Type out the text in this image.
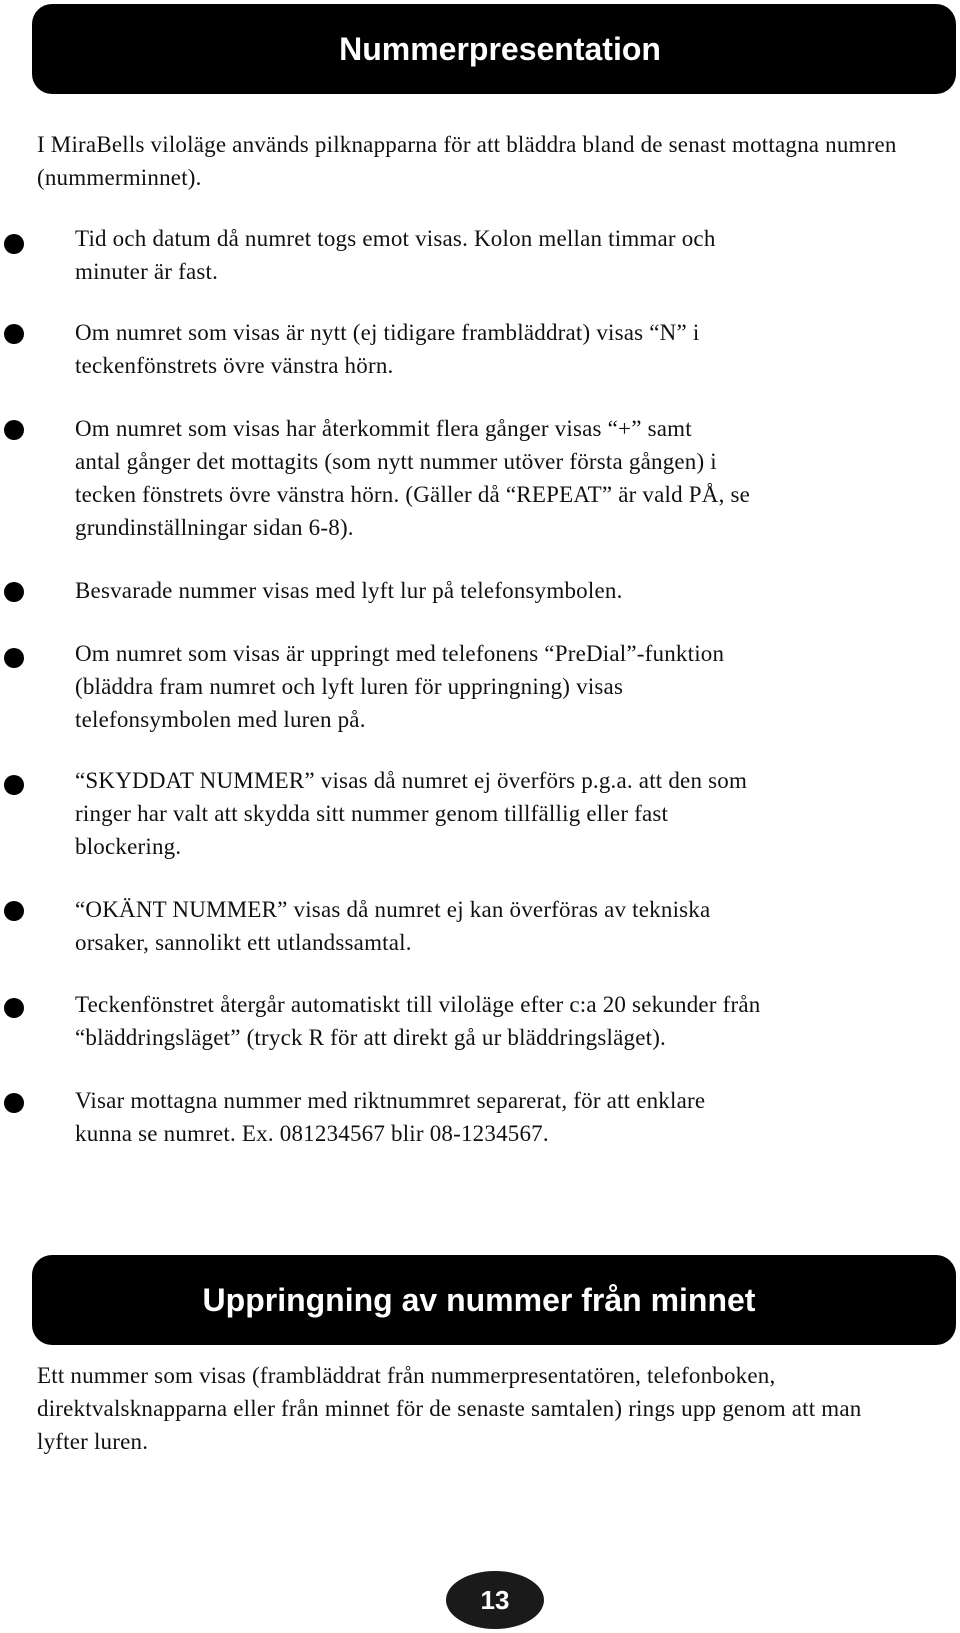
Nummerpresentation
I MiraBells viloläge används pilknapparna för att bläddra bland de senast mottagna numren (nummerminnet).
Tid och datum då numret togs emot visas. Kolon mellan timmar och
minuter är fast.
Om numret som visas är nytt (ej tidigare frambläddrat) visas “N” i
teckenfönstrets övre vänstra hörn.
Om numret som visas har återkommit flera gånger visas “+” samt
antal gånger det mottagits (som nytt nummer utöver första gången) i
tecken fönstrets övre vänstra hörn. (Gäller då “REPEAT” är vald PÅ, se
grundinställningar sidan 6-8).
Besvarade nummer visas med lyft lur på telefonsymbolen.
Om numret som visas är uppringt med telefonens “PreDial”-funktion
(bläddra fram numret och lyft luren för uppringning) visas
telefonsymbolen med luren på.
“SKYDDAT NUMMER” visas då numret ej överförs p.g.a. att den som
ringer har valt att skydda sitt nummer genom tillfällig eller fast
blockering.
“OKÄNT NUMMER” visas då numret ej kan överföras av tekniska
orsaker, sannolikt ett utlandssamtal.
Teckenfönstret återgår automatiskt till viloläge efter c:a 20 sekunder från
“bläddringsläget” (tryck R för att direkt gå ur bläddringsläget).
Visar mottagna nummer med riktnummret separerat, för att enklare
kunna se numret. Ex. 081234567 blir 08-1234567.
Uppringning av nummer från minnet
Ett nummer som visas (frambläddrat från nummerpresentatören, telefonboken, direktvalsknapparna eller från minnet för de senaste samtalen) rings upp genom att man lyfter luren.
13
